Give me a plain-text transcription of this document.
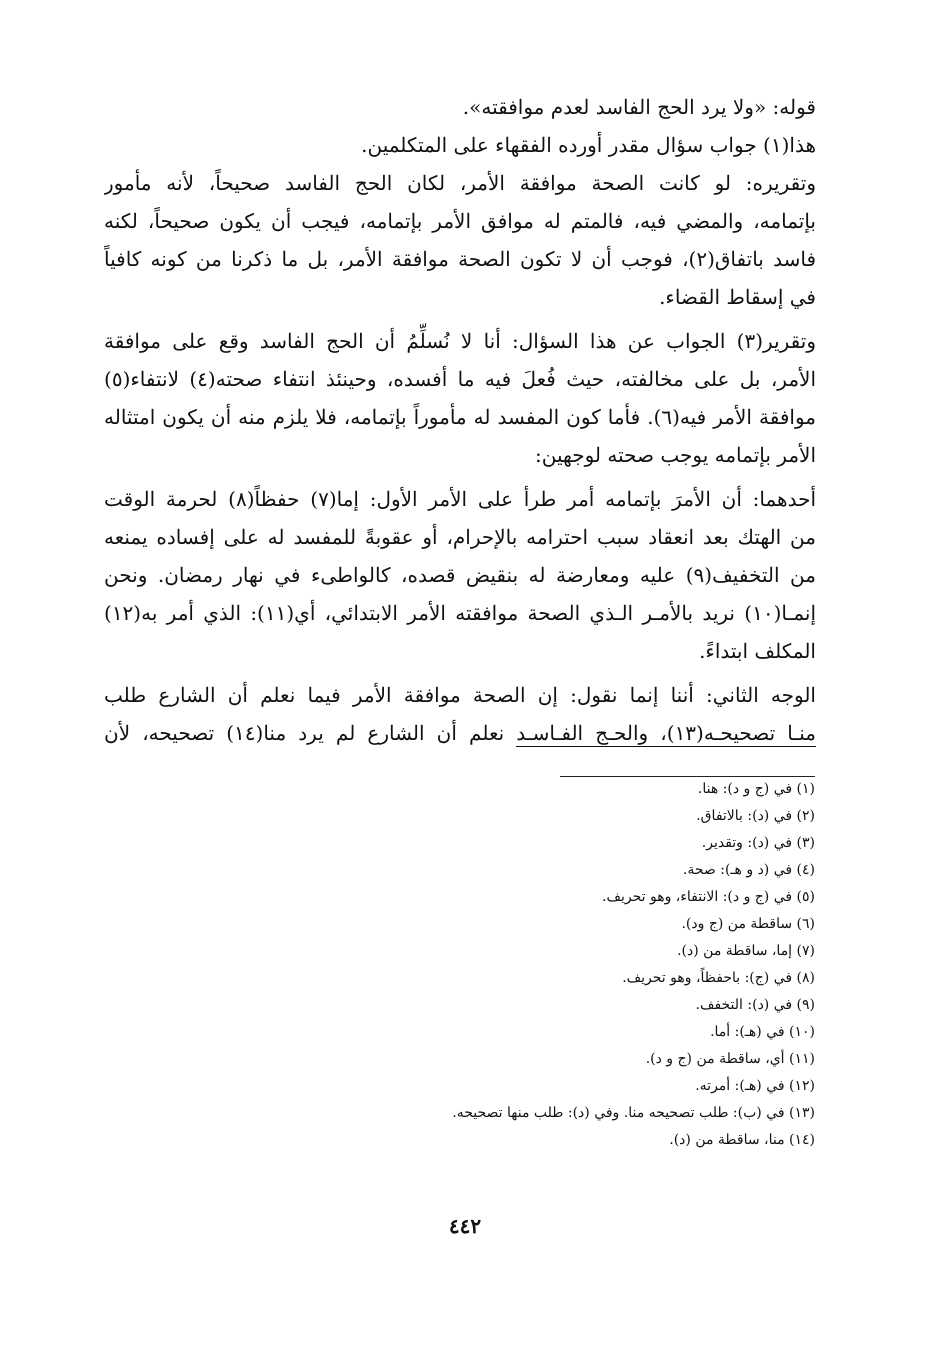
قوله: «ولا يرد الحج الفاسد لعدم موافقته».
هذا(١) جواب سؤال مقدر أورده الفقهاء على المتكلمين.
وتقريره: لو كانت الصحة موافقة الأمر، لكان الحج الفاسد صحيحاً، لأنه مأمور
بإتمامه، والمضي فيه، فالمتم له موافق الأمر بإتمامه، فيجب أن يكون صحيحاً، لكنه
فاسد باتفاق(٢)، فوجب أن لا تكون الصحة موافقة الأمر، بل ما ذكرنا من كونه كافياً
في إسقاط القضاء.
وتقرير(٣) الجواب عن هذا السؤال: أنا لا نُسلِّمُ أن الحج الفاسد وقع على موافقة
الأمر، بل على مخالفته، حيث فُعلَ فيه ما أفسده، وحينئذ انتفاء صحته(٤) لانتفاء(٥)
موافقة الأمر فيه(٦). فأما كون المفسد له مأموراً بإتمامه، فلا يلزم منه أن يكون امتثاله
الأمر بإتمامه يوجب صحته لوجهين:
أحدهما: أن الأمرَ بإتمامه أمر طرأ على الأمر الأول: إما(٧) حفظاً(٨) لحرمة الوقت
من الهتك بعد انعقاد سبب احترامه بالإحرام، أو عقوبةً للمفسد له على إفساده يمنعه
من التخفيف(٩) عليه ومعارضة له بنقيض قصده، كالواطىء في نهار رمضان. ونحن
إنمـا(١٠) نريد بالأمـر الـذي الصحة موافقته الأمر الابتدائي، أي(١١): الذي أمر به(١٢)
المكلف ابتداءً.
الوجه الثاني: أننا إنما نقول: إن الصحة موافقة الأمر فيما نعلم أن الشارع طلب
منـا تصحيحـه(١٣)، والحـج الفـاسـد نعلم أن الشارع لم يرد منا(١٤) تصحيحه، لأن
(١) في (ج و د): هنا.
(٢) في (د): بالاتفاق.
(٣) في (د): وتقدير.
(٤) في (د و هـ): صحة.
(٥) في (ج و د): الانتفاء، وهو تحريف.
(٦) ساقطة من (ج ود).
(٧) إما، ساقطة من (د).
(٨) في (ج): باحفظاً، وهو تحريف.
(٩) في (د): التخفف.
(١٠) في (هـ): أما.
(١١) أي، ساقطة من (ج و د).
(١٢) في (هـ): أمرته.
(١٣) في (ب): طلب تصحيحه منا. وفي (د): طلب منها تصحيحه.
(١٤) منا، ساقطة من (د).
٤٤٢
